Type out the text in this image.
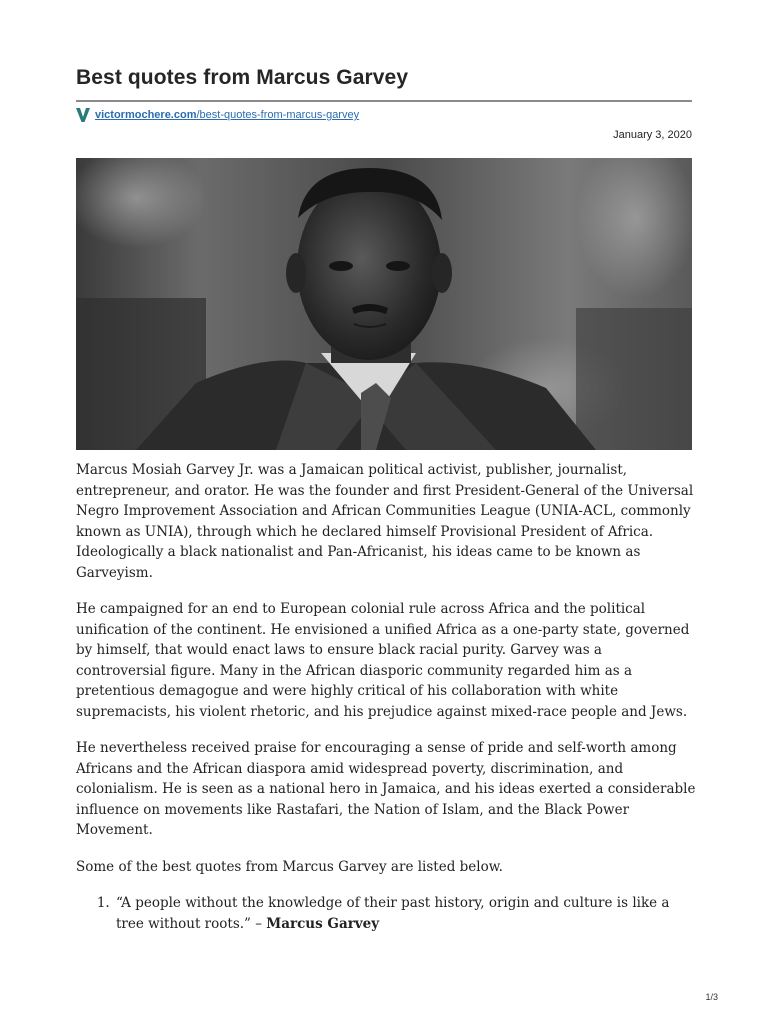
Best quotes from Marcus Garvey
victormochere.com/best-quotes-from-marcus-garvey
January 3, 2020

Marcus Mosiah Garvey Jr. was a Jamaican political activist, publisher, journalist, entrepreneur, and orator. He was the founder and first President-General of the Universal Negro Improvement Association and African Communities League (UNIA-ACL, commonly known as UNIA), through which he declared himself Provisional President of Africa. Ideologically a black nationalist and Pan-Africanist, his ideas came to be known as Garveyism.

He campaigned for an end to European colonial rule across Africa and the political unification of the continent. He envisioned a unified Africa as a one-party state, governed by himself, that would enact laws to ensure black racial purity. Garvey was a controversial figure. Many in the African diasporic community regarded him as a pretentious demagogue and were highly critical of his collaboration with white supremacists, his violent rhetoric, and his prejudice against mixed-race people and Jews.

He nevertheless received praise for encouraging a sense of pride and self-worth among Africans and the African diaspora amid widespread poverty, discrimination, and colonialism. He is seen as a national hero in Jamaica, and his ideas exerted a considerable influence on movements like Rastafari, the Nation of Islam, and the Black Power Movement.

Some of the best quotes from Marcus Garvey are listed below.

1. “A people without the knowledge of their past history, origin and culture is like a tree without roots.” – Marcus Garvey
1/3
